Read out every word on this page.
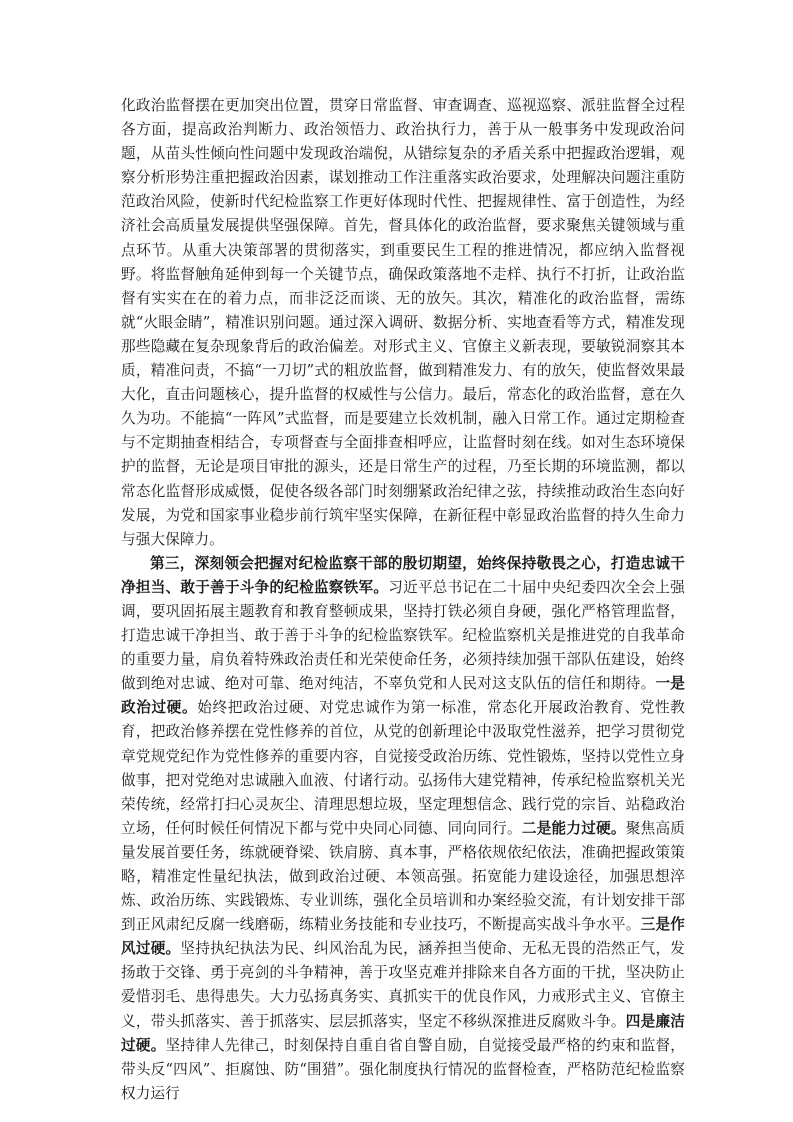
化政治监督摆在更加突出位置，贯穿日常监督、审查调查、巡视巡察、派驻监督全过程各方面，提高政治判断力、政治领悟力、政治执行力，善于从一般事务中发现政治问题，从苗头性倾向性问题中发现政治端倪，从错综复杂的矛盾关系中把握政治逻辑，观察分析形势注重把握政治因素，谋划推动工作注重落实政治要求，处理解决问题注重防范政治风险，使新时代纪检监察工作更好体现时代性、把握规律性、富于创造性，为经济社会高质量发展提供坚强保障。首先，督具体化的政治监督，要求聚焦关键领域与重点环节。从重大决策部署的贯彻落实，到重要民生工程的推进情况，都应纳入监督视野。将监督触角延伸到每一个关键节点，确保政策落地不走样、执行不打折，让政治监督有实实在在的着力点，而非泛泛而谈、无的放矢。其次，精准化的政治监督，需练就“火眼金睛”，精准识别问题。通过深入调研、数据分析、实地查看等方式，精准发现那些隐藏在复杂现象背后的政治偏差。对形式主义、官僚主义新表现，要敏锐洞察其本质，精准问责，不搞“一刀切”式的粗放监督，做到精准发力、有的放矢，使监督效果最大化，直击问题核心，提升监督的权威性与公信力。最后，常态化的政治监督，意在久久为功。不能搞“一阵风”式监督，而是要建立长效机制，融入日常工作。通过定期检查与不定期抽查相结合，专项督查与全面排查相呼应，让监督时刻在线。如对生态环境保护的监督，无论是项目审批的源头，还是日常生产的过程，乃至长期的环境监测，都以常态化监督形成威慑，促使各级各部门时刻绷紧政治纪律之弦，持续推动政治生态向好发展，为党和国家事业稳步前行筑牢坚实保障，在新征程中彰显政治监督的持久生命力与强大保障力。

第三，深刻领会把握对纪检监察干部的殷切期望，始终保持敬畏之心，打造忠诚干净担当、敢于善于斗争的纪检监察铁军。习近平总书记在二十届中央纪委四次全会上强调，要巩固拓展主题教育和教育整顿成果，坚持打铁必须自身硬，强化严格管理监督，打造忠诚干净担当、敢于善于斗争的纪检监察铁军。纪检监察机关是推进党的自我革命的重要力量，肩负着特殊政治责任和光荣使命任务，必须持续加强干部队伍建设，始终做到绝对忠诚、绝对可靠、绝对纯洁，不辜负党和人民对这支队伍的信任和期待。一是政治过硬。始终把政治过硬、对党忠诚作为第一标准，常态化开展政治教育、党性教育，把政治修养摆在党性修养的首位，从党的创新理论中汲取党性滋养，把学习贯彻党章党规党纪作为党性修养的重要内容，自觉接受政治历练、党性锻炼，坚持以党性立身做事，把对党绝对忠诚融入血液、付诸行动。弘扬伟大建党精神，传承纪检监察机关光荣传统，经常打扫心灵灰尘、清理思想垃圾，坚定理想信念、践行党的宗旨、站稳政治立场，任何时候任何情况下都与党中央同心同德、同向同行。二是能力过硬。聚焦高质量发展首要任务，练就硬脊梁、铁肩膀、真本事，严格依规依纪依法，准确把握政策策略，精准定性量纪执法，做到政治过硬、本领高强。拓宽能力建设途径，加强思想淬炼、政治历练、实践锻炼、专业训练，强化全员培训和办案经验交流，有计划安排干部到正风肃纪反腐一线磨砺，练精业务技能和专业技巧，不断提高实战斗争水平。三是作风过硬。坚持执纪执法为民、纠风治乱为民，涵养担当使命、无私无畏的浩然正气，发扬敢于交锋、勇于亮剑的斗争精神，善于攻坚克难并排除来自各方面的干扰，坚决防止爱惜羽毛、患得患失。大力弘扬真务实、真抓实干的优良作风，力戒形式主义、官僚主义，带头抓落实、善于抓落实、层层抓落实，坚定不移纵深推进反腐败斗争。四是廉洁过硬。坚持律人先律己，时刻保持自重自省自警自励，自觉接受最严格的约束和监督，带头反“四风”、拒腐蚀、防“围猎”。强化制度执行情况的监督检查，严格防范纪检监察权力运行
